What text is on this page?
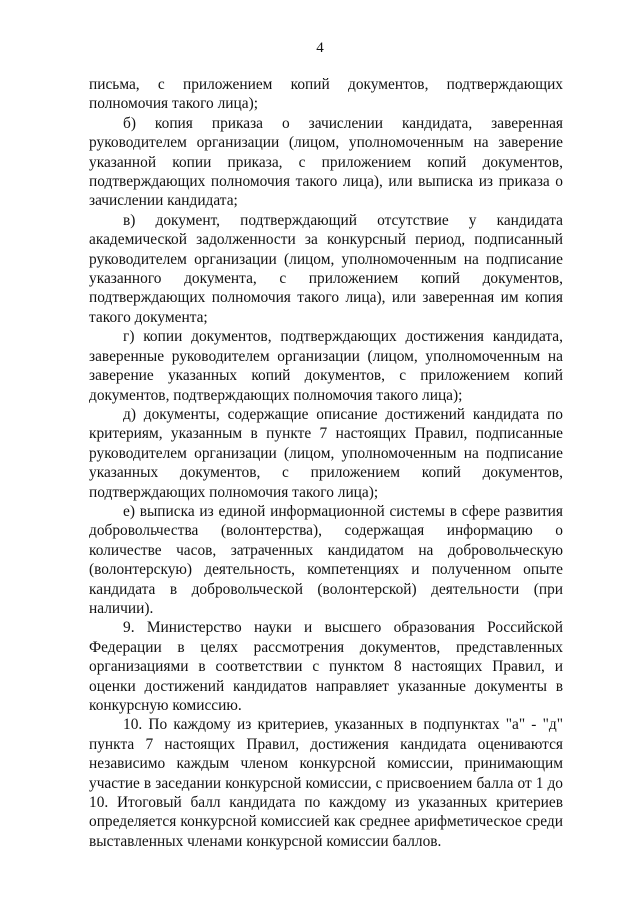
4

письма, с приложением копий документов, подтверждающих полномочия такого лица);

б) копия приказа о зачислении кандидата, заверенная руководителем организации (лицом, уполномоченным на заверение указанной копии приказа, с приложением копий документов, подтверждающих полномочия такого лица), или выписка из приказа о зачислении кандидата;

в) документ, подтверждающий отсутствие у кандидата академической задолженности за конкурсный период, подписанный руководителем организации (лицом, уполномоченным на подписание указанного документа, с приложением копий документов, подтверждающих полномочия такого лица), или заверенная им копия такого документа;

г) копии документов, подтверждающих достижения кандидата, заверенные руководителем организации (лицом, уполномоченным на заверение указанных копий документов, с приложением копий документов, подтверждающих полномочия такого лица);

д) документы, содержащие описание достижений кандидата по критериям, указанным в пункте 7 настоящих Правил, подписанные руководителем организации (лицом, уполномоченным на подписание указанных документов, с приложением копий документов, подтверждающих полномочия такого лица);

е) выписка из единой информационной системы в сфере развития добровольчества (волонтерства), содержащая информацию о количестве часов, затраченных кандидатом на добровольческую (волонтерскую) деятельность, компетенциях и полученном опыте кандидата в добровольческой (волонтерской) деятельности (при наличии).

9. Министерство науки и высшего образования Российской Федерации в целях рассмотрения документов, представленных организациями в соответствии с пунктом 8 настоящих Правил, и оценки достижений кандидатов направляет указанные документы в конкурсную комиссию.

10. По каждому из критериев, указанных в подпунктах "а" - "д" пункта 7 настоящих Правил, достижения кандидата оцениваются независимо каждым членом конкурсной комиссии, принимающим участие в заседании конкурсной комиссии, с присвоением балла от 1 до 10. Итоговый балл кандидата по каждому из указанных критериев определяется конкурсной комиссией как среднее арифметическое среди выставленных членами конкурсной комиссии баллов.
